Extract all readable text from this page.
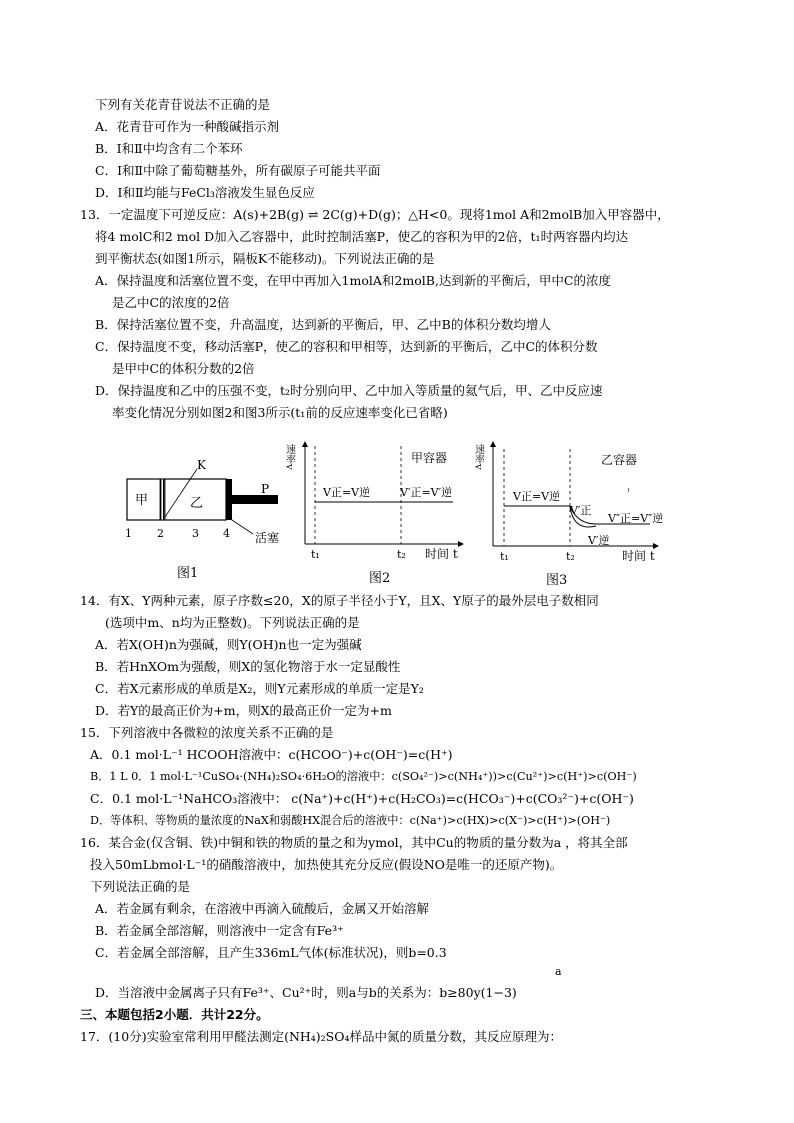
下列有关花青苷说法不正确的是
A．花青苷可作为一种酸碱指示剂
B．Ⅰ和Ⅱ中均含有二个苯环
C．Ⅰ和Ⅱ中除了葡萄糖基外，所有碳原子可能共平面
D．Ⅰ和Ⅱ均能与FeCl₃溶液发生显色反应
13．一定温度下可逆反应：A(s)+2B(g) ⇌ 2C(g)+D(g)；△H<0。现将1mol A和2molB加入甲容器中，
将4 molC和2 mol D加入乙容器中，此时控制活塞P，使乙的容积为甲的2倍，t₁时两容器内均达
到平衡状态(如图1所示，隔板K不能移动)。下列说法正确的是
A．保持温度和活塞位置不变，在甲中再加入1molA和2molB,达到新的平衡后，甲中C的浓度
是乙中C的浓度的2倍
B．保持活塞位置不变，升高温度，达到新的平衡后，甲、乙中B的体积分数均增人
C．保持温度不变，移动活塞P，使乙的容积和甲相等，达到新的平衡后，乙中C的体积分数
是甲中C的体积分数的2倍
D．保持温度和乙中的压强不变，t₂时分别向甲、乙中加入等质量的氦气后，甲、乙中反应速
率变化情况分别如图2和图3所示(t₁前的反应速率变化已省略)
甲	乙
K
P
活塞
1 2	3 4
图1
速率v	甲容器
V正=V逆	V′正=V′逆
t₁	t₂ 时间 t
图2
速率v	乙容器
V正=V逆
V′正
V′逆
V″正=V″逆
t₁	t₂	时间 t
图3
14．有X、Y两种元素，原子序数≤20，X的原子半径小于Y，且X、Y原子的最外层电子数相同
(选项中m、n均为正整数)。下列说法正确的是
A．若X(OH)n为强碱，则Y(OH)n也一定为强碱
B．若HnXOm为强酸，则X的氢化物溶于水一定显酸性
C．若X元素形成的单质是X₂，则Y元素形成的单质一定是Y₂
D．若Y的最高正价为+m，则X的最高正价一定为+m
15．下列溶液中各微粒的浓度关系不正确的是
A．0.1 mol·L⁻¹ HCOOH溶液中：c(HCOO⁻)+c(OH⁻)=c(H⁺)
B．1 L 0．1 mol·L⁻¹CuSO₄·(NH₄)₂SO₄·6H₂O的溶液中：c(SO₄²⁻)>c(NH₄⁺))>c(Cu²⁺)>c(H⁺)>c(OH⁻)
C．0.1 mol·L⁻¹NaHCO₃溶液中： c(Na⁺)+c(H⁺)+c(H₂CO₃)=c(HCO₃⁻)+c(CO₃²⁻)+c(OH⁻)
D．等体积、等物质的量浓度的NaX和弱酸HX混合后的溶液中：c(Na⁺)>c(HX)>c(X⁻)>c(H⁺)>(OH⁻)
16．某合金(仅含铜、铁)中铜和铁的物质的量之和为ymol，其中Cu的物质的量分数为a ，将其全部
投入50mLbmol·L⁻¹的硝酸溶液中，加热使其充分反应(假设NO是唯一的还原产物)。
下列说法正确的是
A．若金属有剩余，在溶液中再滴入硫酸后，金属又开始溶解
B．若金属全部溶解，则溶液中一定含有Fe³⁺
C．若金属全部溶解，且产生336mL气体(标准状况)，则b=0.3
a
D．当溶液中金属离子只有Fe³⁺、Cu²⁺时，则a与b的关系为：b≥80y(1−3)
三、本题包括2小题．共计22分。
17．(10分)实验室常利用甲醛法测定(NH₄)₂SO₄样品中氮的质量分数，其反应原理为：
